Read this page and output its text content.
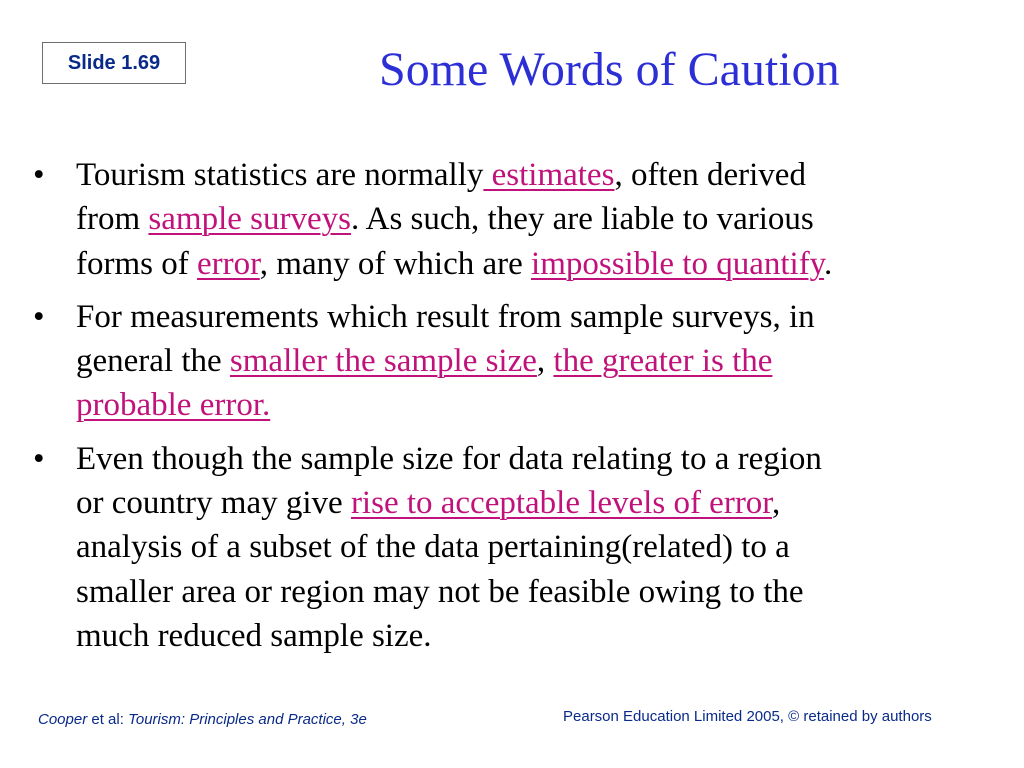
Slide 1.69	Some Words of Caution
• Tourism statistics are normally estimates, often derived
from sample surveys. As such, they are liable to various
forms of error, many of which are impossible to quantify.
• For measurements which result from sample surveys, in
general the smaller the sample size, the greater is the
probable error.
• Even though the sample size for data relating to a region
or country may give rise to acceptable levels of error,
analysis of a subset of the data pertaining(related) to a
smaller area or region may not be feasible owing to the
much reduced sample size.
Cooper et al: Tourism: Principles and Practice, 3e	Pearson Education Limited 2005, © retained by authors
